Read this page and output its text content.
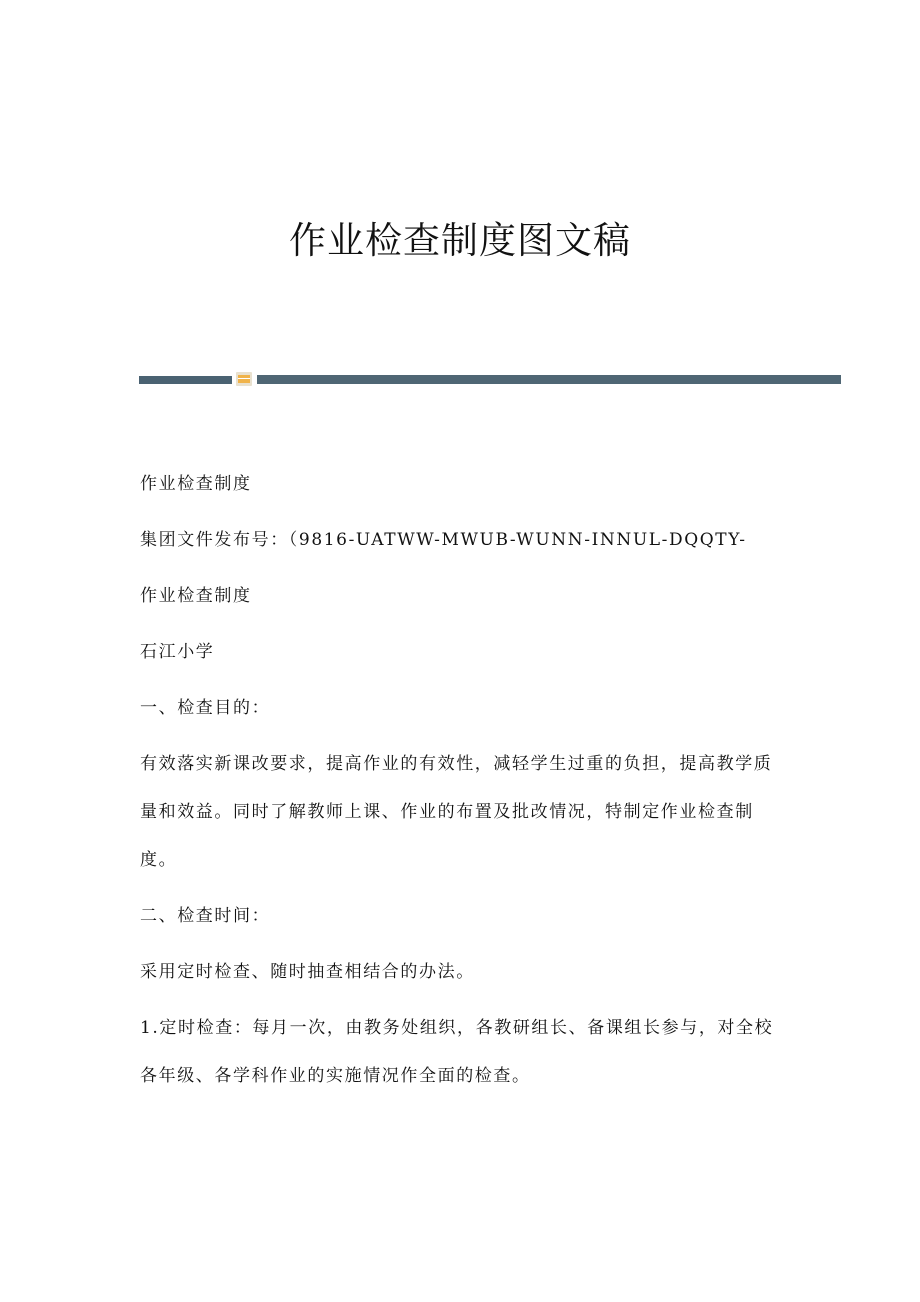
作业检查制度图文稿

作业检查制度

集团文件发布号：（9816-UATWW-MWUB-WUNN-INNUL-DQQTY-

作业检查制度

石江小学

一、检查目的：

有效落实新课改要求，提高作业的有效性，减轻学生过重的负担，提高教学质

量和效益。同时了解教师上课、作业的布置及批改情况，特制定作业检查制

度。

二、检查时间：

采用定时检查、随时抽查相结合的办法。

1.定时检查：每月一次，由教务处组织，各教研组长、备课组长参与，对全校

各年级、各学科作业的实施情况作全面的检查。
